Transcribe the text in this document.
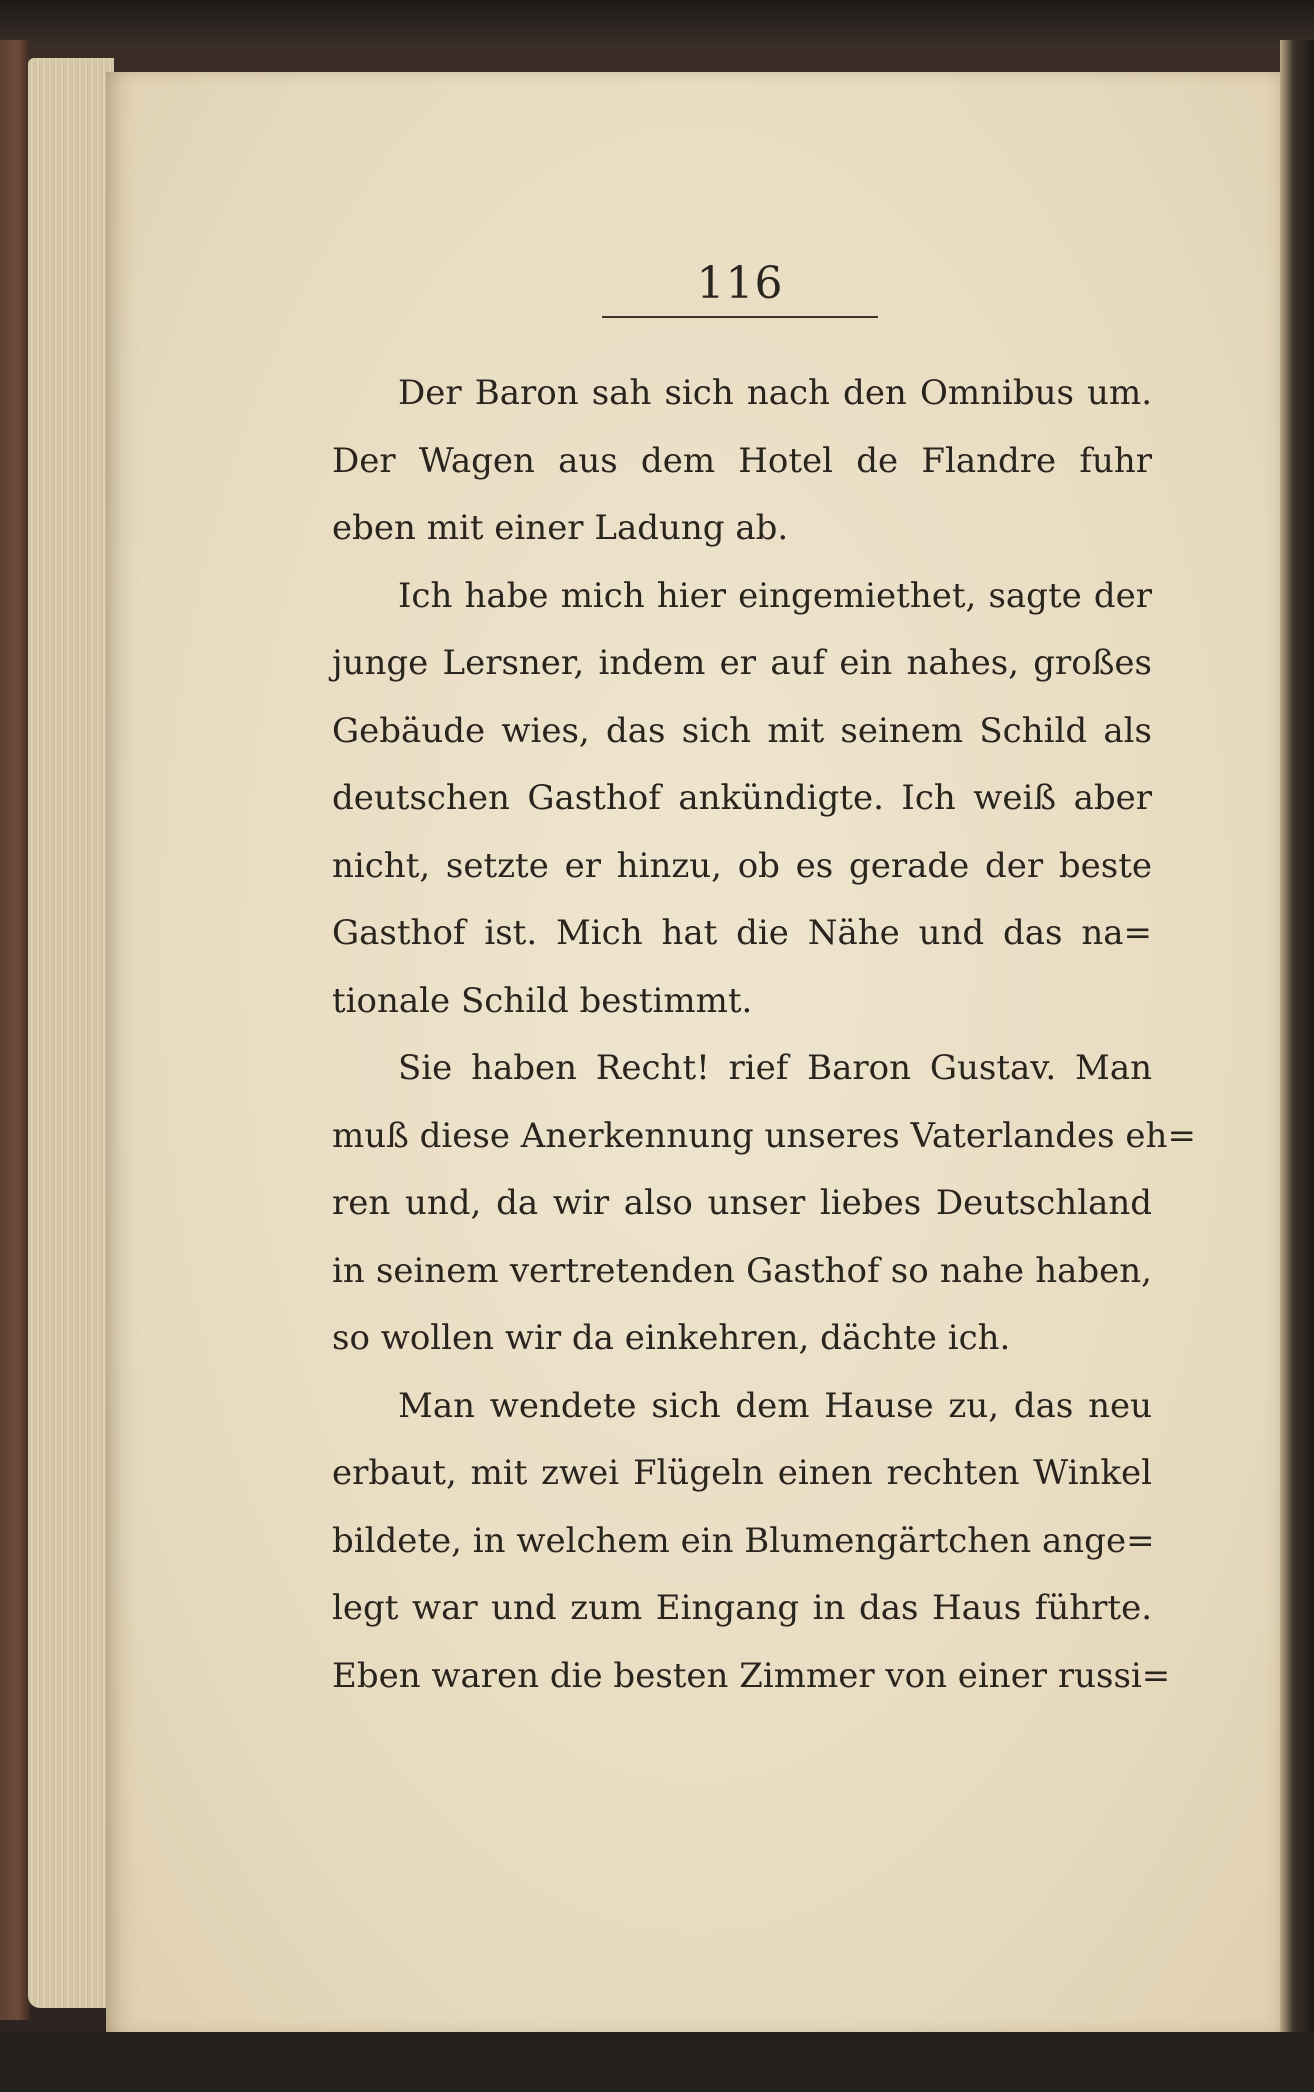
116
Der Baron sah sich nach den Omnibus um.
Der Wagen aus dem Hotel de Flandre fuhr
eben mit einer Ladung ab.
Ich habe mich hier eingemiethet, sagte der
junge Lersner, indem er auf ein nahes, großes
Gebäude wies, das sich mit seinem Schild als
deutschen Gasthof ankündigte. Ich weiß aber
nicht, setzte er hinzu, ob es gerade der beste
Gasthof ist. Mich hat die Nähe und das na=
tionale Schild bestimmt.
Sie haben Recht! rief Baron Gustav. Man
muß diese Anerkennung unseres Vaterlandes eh=
ren und, da wir also unser liebes Deutschland
in seinem vertretenden Gasthof so nahe haben,
so wollen wir da einkehren, dächte ich.
Man wendete sich dem Hause zu, das neu
erbaut, mit zwei Flügeln einen rechten Winkel
bildete, in welchem ein Blumengärtchen ange=
legt war und zum Eingang in das Haus führte.
Eben waren die besten Zimmer von einer russi=
